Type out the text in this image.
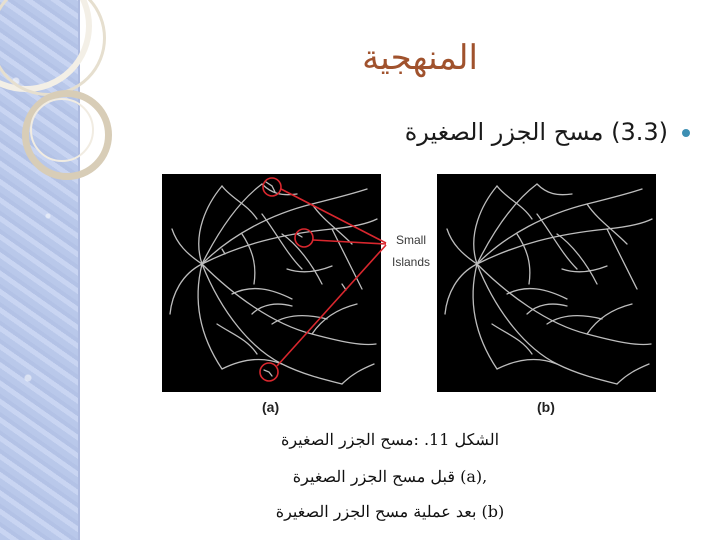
المنهجية
(3.3) مسح الجزر الصغيرة
Small
Islands
(a)	(b)
الشكل 11. :مسح الجزر الصغيرة
,(a) قبل مسح الجزر الصغيرة
(b) بعد عملية مسح الجزر الصغيرة
